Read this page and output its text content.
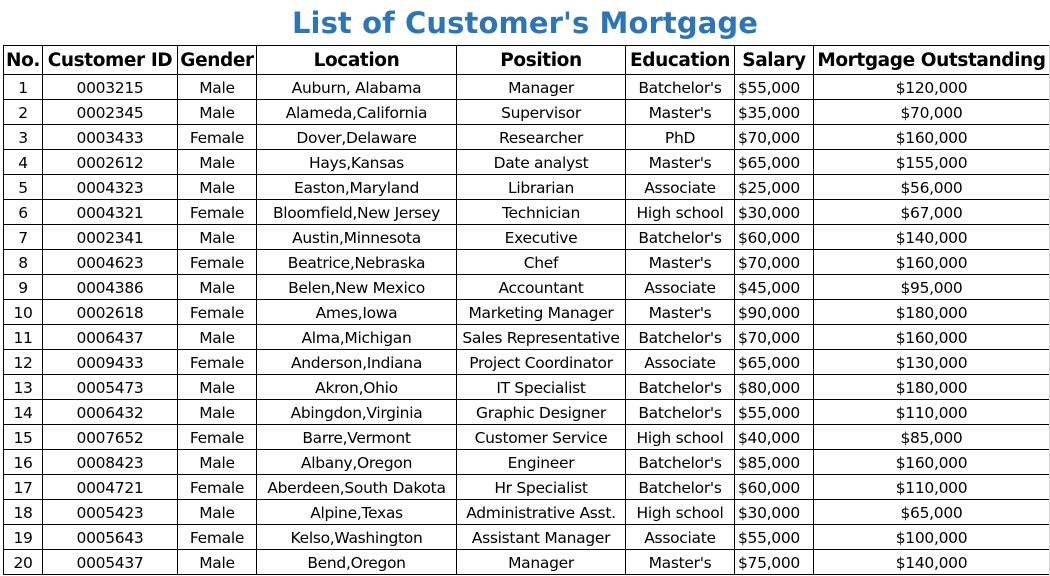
List of Customer's Mortgage
No.	Customer ID	Gender	Location	Position	Education	Salary	Mortgage Outstanding
1	0003215	Male	Auburn, Alabama	Manager	Batchelor's	$55,000	$120,000
2	0002345	Male	Alameda,California	Supervisor	Master's	$35,000	$70,000
3	0003433	Female	Dover,Delaware	Researcher	PhD	$70,000	$160,000
4	0002612	Male	Hays,Kansas	Date analyst	Master's	$65,000	$155,000
5	0004323	Male	Easton,Maryland	Librarian	Associate	$25,000	$56,000
6	0004321	Female	Bloomfield,New Jersey	Technician	High school	$30,000	$67,000
7	0002341	Male	Austin,Minnesota	Executive	Batchelor's	$60,000	$140,000
8	0004623	Female	Beatrice,Nebraska	Chef	Master's	$70,000	$160,000
9	0004386	Male	Belen,New Mexico	Accountant	Associate	$45,000	$95,000
10	0002618	Female	Ames,Iowa	Marketing Manager	Master's	$90,000	$180,000
11	0006437	Male	Alma,Michigan	Sales Representative	Batchelor's	$70,000	$160,000
12	0009433	Female	Anderson,Indiana	Project Coordinator	Associate	$65,000	$130,000
13	0005473	Male	Akron,Ohio	IT Specialist	Batchelor's	$80,000	$180,000
14	0006432	Male	Abingdon,Virginia	Graphic Designer	Batchelor's	$55,000	$110,000
15	0007652	Female	Barre,Vermont	Customer Service	High school	$40,000	$85,000
16	0008423	Male	Albany,Oregon	Engineer	Batchelor's	$85,000	$160,000
17	0004721	Female	Aberdeen,South Dakota	Hr Specialist	Batchelor's	$60,000	$110,000
18	0005423	Male	Alpine,Texas	Administrative Asst.	High school	$30,000	$65,000
19	0005643	Female	Kelso,Washington	Assistant Manager	Associate	$55,000	$100,000
20	0005437	Male	Bend,Oregon	Manager	Master's	$75,000	$140,000
